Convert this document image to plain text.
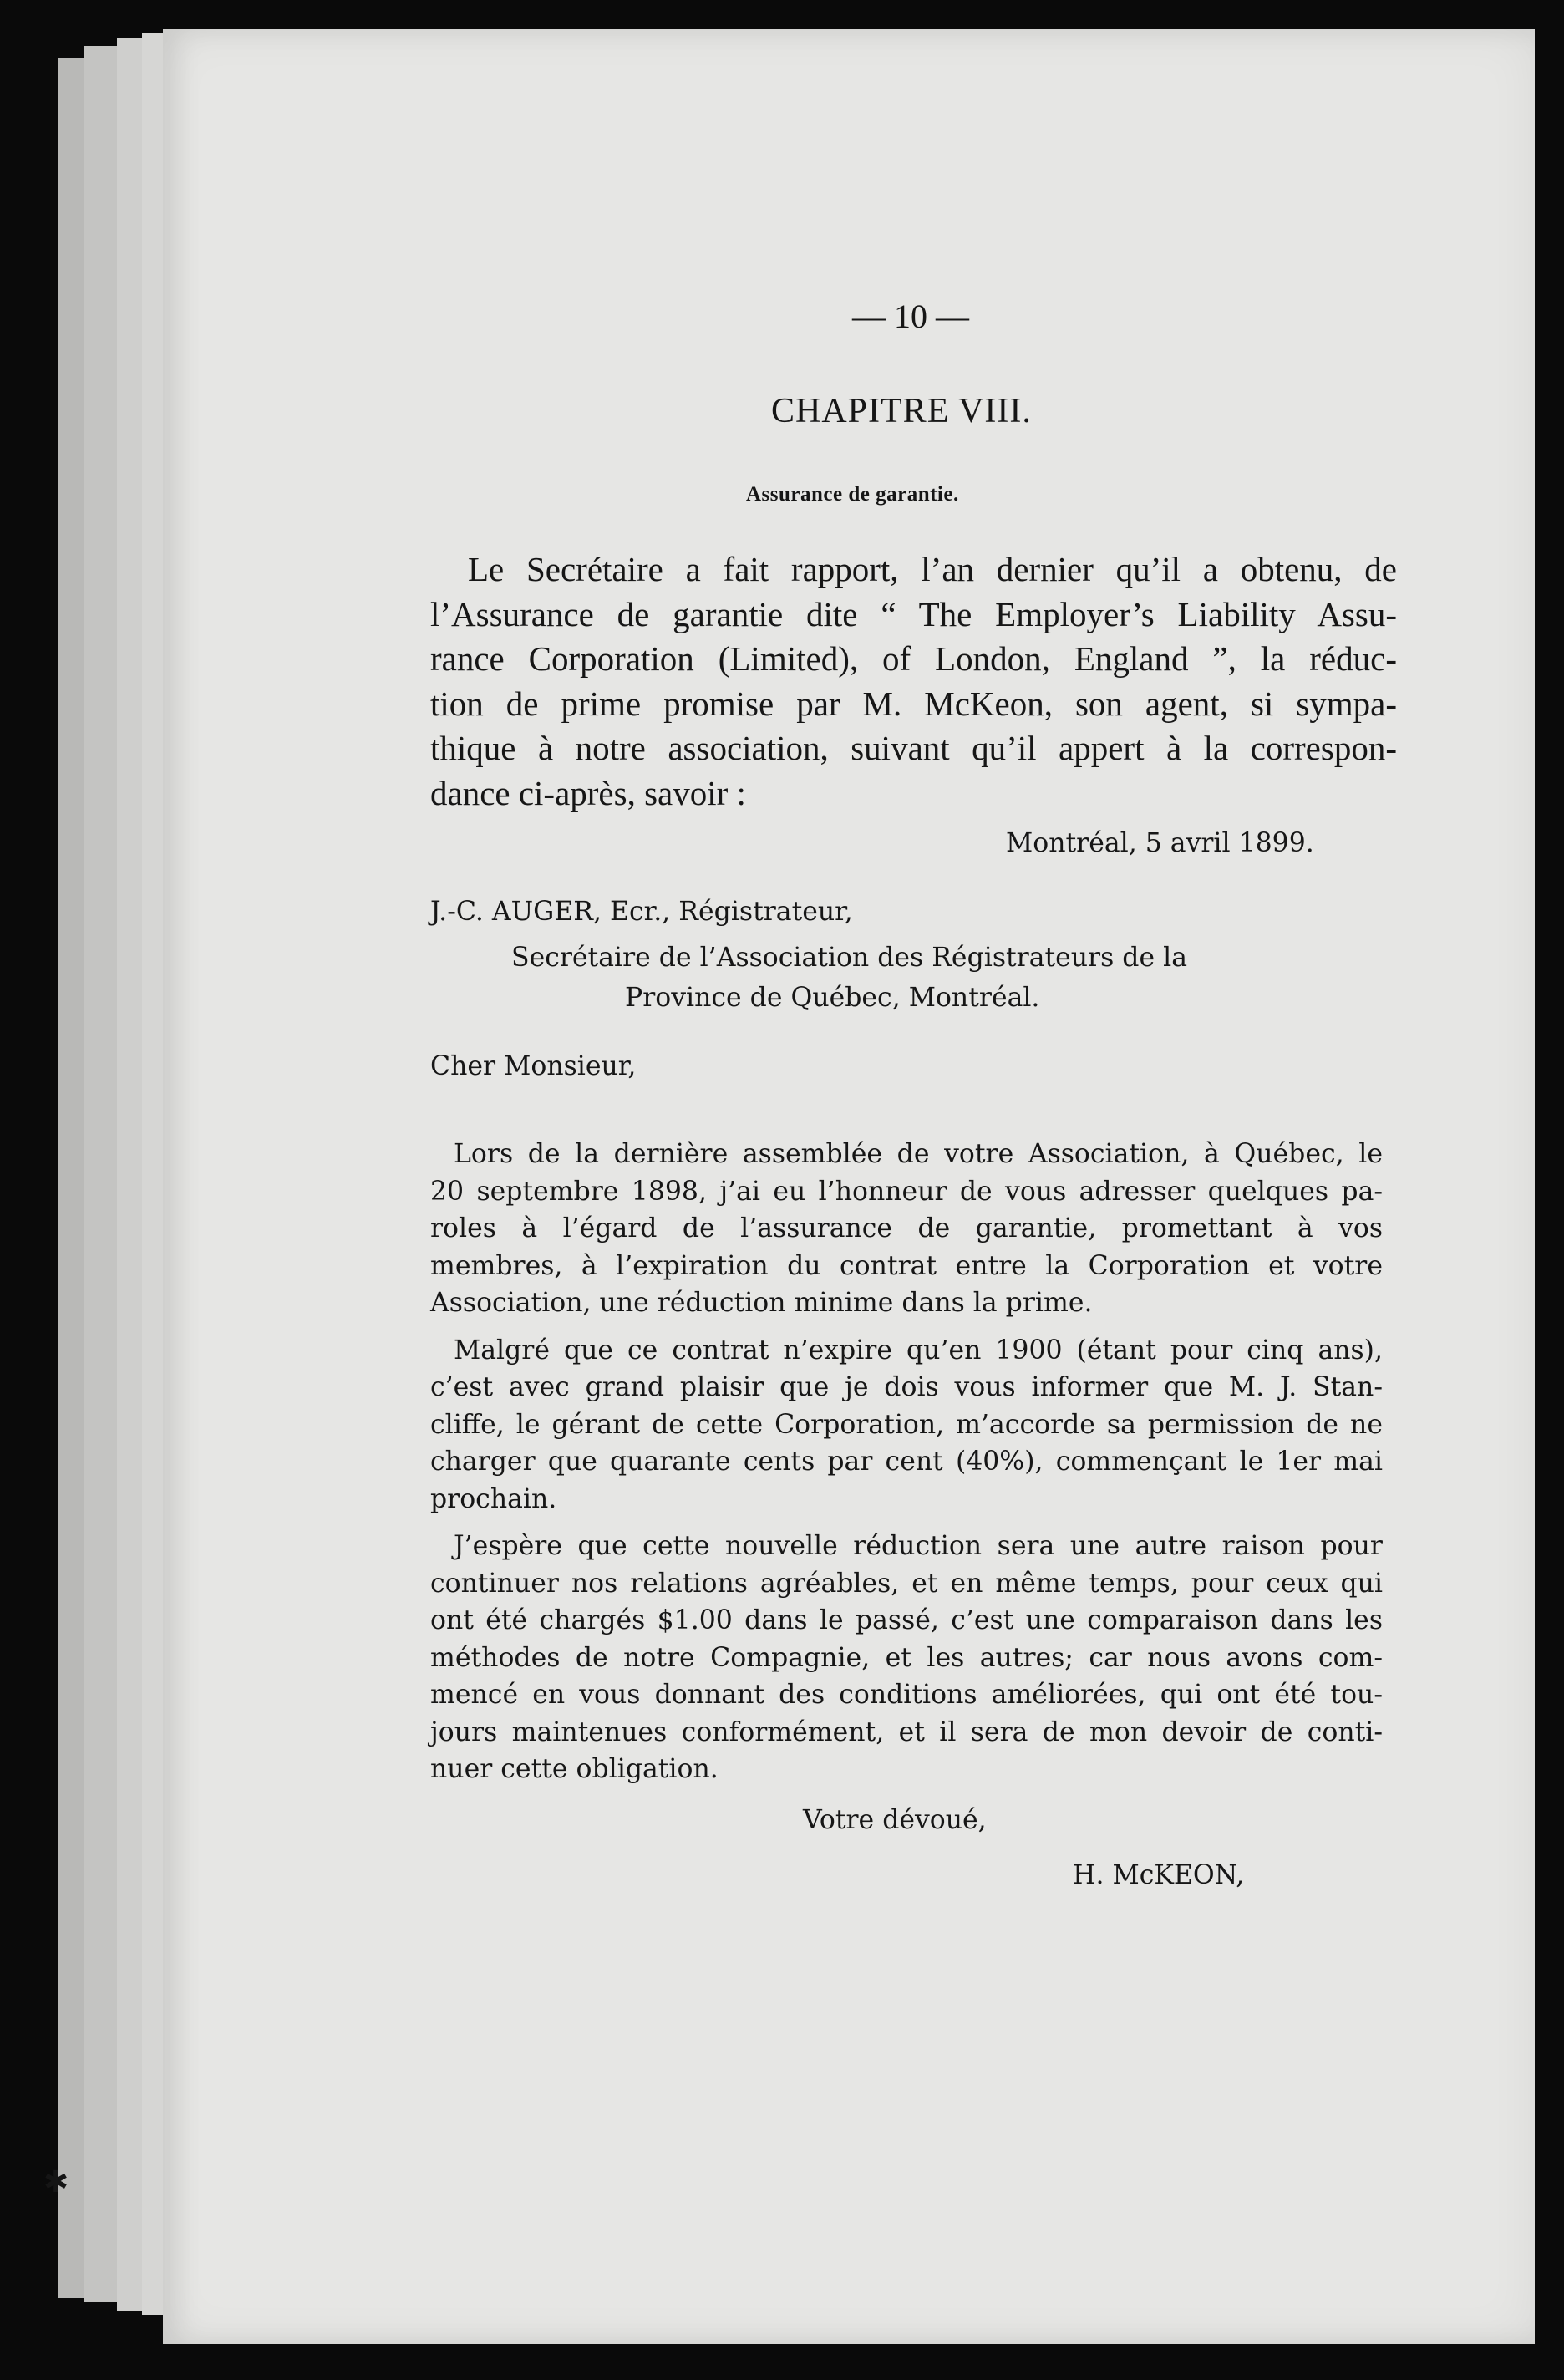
— 10 —
CHAPITRE VIII.
Assurance de garantie.
Le Secrétaire a fait rapport, l’an dernier qu’il a obtenu, de
l’Assurance de garantie dite “ The Employer’s Liability Assu-
rance Corporation (Limited), of London, England ”, la réduc-
tion de prime promise par M. McKeon, son agent, si sympa-
thique à notre association, suivant qu’il appert à la correspon-
dance ci-après, savoir :
Montréal, 5 avril 1899.
J.-C. AUGER, Ecr., Régistrateur,
Secrétaire de l’Association des Régistrateurs de la
Province de Québec, Montréal.
Cher Monsieur,
Lors de la dernière assemblée de votre Association, à Québec, le
20 septembre 1898, j’ai eu l’honneur de vous adresser quelques pa-
roles à l’égard de l’assurance de garantie, promettant à vos
membres, à l’expiration du contrat entre la Corporation et votre
Association, une réduction minime dans la prime.
Malgré que ce contrat n’expire qu’en 1900 (étant pour cinq ans),
c’est avec grand plaisir que je dois vous informer que M. J. Stan-
cliffe, le gérant de cette Corporation, m’accorde sa permission de ne
charger que quarante cents par cent (40%), commençant le 1er mai
prochain.
J’espère que cette nouvelle réduction sera une autre raison pour
continuer nos relations agréables, et en même temps, pour ceux qui
ont été chargés $1.00 dans le passé, c’est une comparaison dans les
méthodes de notre Compagnie, et les autres; car nous avons com-
mencé en vous donnant des conditions améliorées, qui ont été tou-
jours maintenues conformément, et il sera de mon devoir de conti-
nuer cette obligation.
Votre dévoué,
H. McKEON,
✱
